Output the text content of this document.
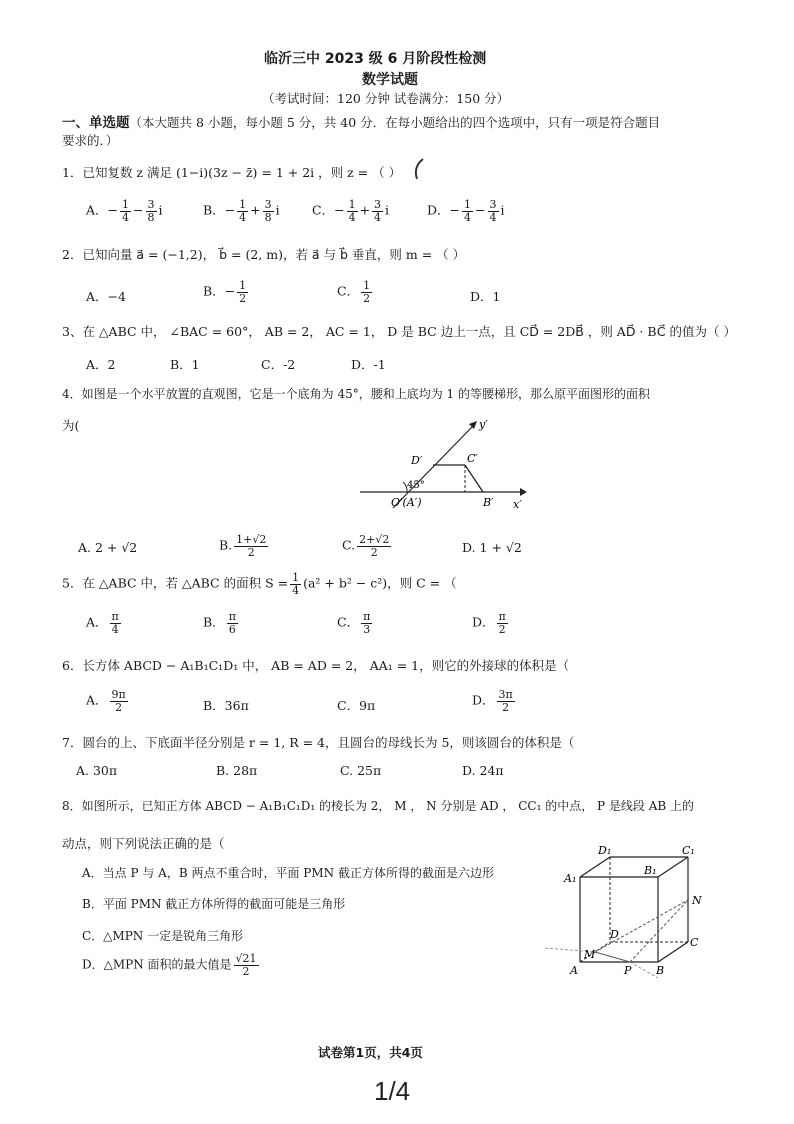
临沂三中 2023 级 6 月阶段性检测
数学试题
（考试时间：120 分钟 试卷满分：150 分）
一、单选题（本大题共 8 小题，每小题 5 分，共 40 分．在每小题给出的四个选项中，只有一项是符合题目
要求的．）
1．已知复数 z 满足 (1−i)(3z − z̄) = 1 + 2i ，则 z = （ ）
A．− $\frac{1}{4} - \frac{3}{8}$ i	B．− $\frac{1}{4} + \frac{3}{8}$ i	C．− $\frac{1}{4} + \frac{3}{4}$ i	D．− $\frac{1}{4} - \frac{3}{4}$ i
2．已知向量 a⃗ = (−1,2)， b⃗ = (2, m)，若 a⃗ 与 b⃗ 垂直，则 m = （ ）
A．−4	B．− $\frac{1}{2}$	C． $\frac{1}{2}$	D．1
3、在 △ABC 中， ∠BAC = 60°， AB = 2， AC = 1， D 是 BC 边上一点，且 CD⃗ = 2DB⃗ ，则 AD⃗ · BC⃗ 的值为（ ）
A．2	B．1	C．-2	D．-1
4．如图是一个水平放置的直观图，它是一个底角为 45°，腰和上底均为 1 的等腰梯形，那么原平面图形的面积
为(	y′
x′
D′	C′
45°
O′(A′)	B′
A. 2 + √2	B. $\frac{1+√2}{2}$	C. $\frac{2+√2}{2}$	D. 1 + √2
5．在 △ABC 中，若 △ABC 的面积 $S = \frac{1}{4} (a^2 + b^2 - c^2)$，则 C = （
A． $\frac{\pi}{4}$	B． $\frac{\pi}{6}$	C． $\frac{\pi}{3}$	D． $\frac{\pi}{2}$
6．长方体 ABCD − A₁B₁C₁D₁ 中， AB = AD = 2， AA₁ = 1，则它的外接球的体积是（
A． $\frac{9\pi}{2}$	B．36π	C．9π	D． $\frac{3\pi}{2}$
7．圆台的上、下底面半径分别是 r = 1, R = 4，且圆台的母线长为 5，则该圆台的体积是（
A. 30π	B. 28π	C. 25π	D. 24π
8．如图所示，已知正方体 ABCD − A₁B₁C₁D₁ 的棱长为 2， M ， N 分别是 AD ， CC₁ 的中点， P 是线段 AB 上的
动点，则下列说法正确的是（
A．当点 P 与 A，B 两点不重合时，平面 PMN 截正方体所得的截面是六边形
B．平面 PMN 截正方体所得的截面可能是三角形
C．△MPN 一定是锐角三角形
D．△MPN 面积的最大值是 $\frac{√21}{2}$
D₁	C₁
A₁
B₁
N
D
C
M
A	P B
试卷第1页，共4页
1/4
